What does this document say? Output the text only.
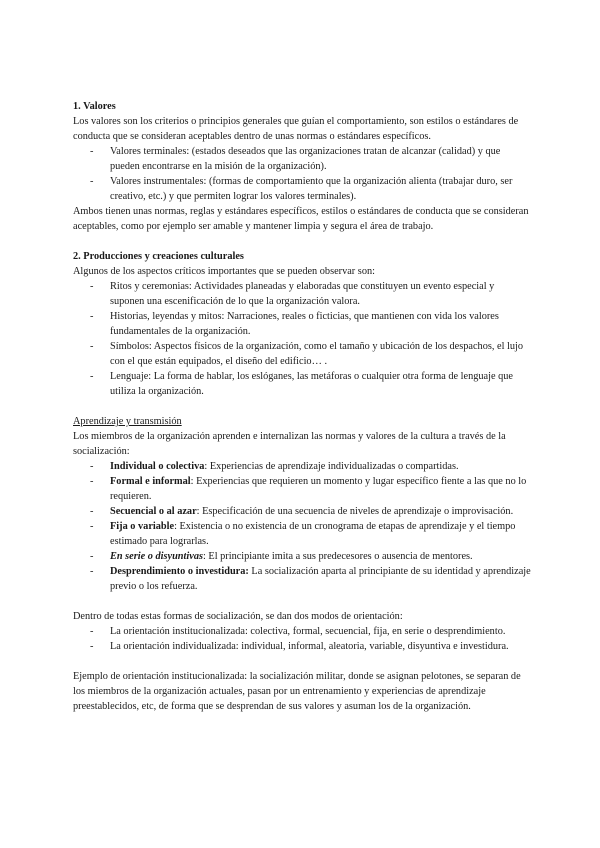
1. Valores

Los valores son los criterios o principios generales que guían el comportamiento, son estilos o estándares de conducta que se consideran aceptables dentro de unas normas o estándares específicos.

- Valores terminales: (estados deseados que las organizaciones tratan de alcanzar (calidad) y que pueden encontrarse en la misión de la organización).
- Valores instrumentales: (formas de comportamiento que la organización alienta (trabajar duro, ser creativo, etc.) y que permiten lograr los valores terminales).

Ambos tienen unas normas, reglas y estándares específicos, estilos o estándares de conducta que se consideran aceptables, como por ejemplo ser amable y mantener limpia y segura el área de trabajo.

2. Producciones y creaciones culturales

Algunos de los aspectos críticos importantes que se pueden observar son:

- Ritos y ceremonias: Actividades planeadas y elaboradas que constituyen un evento especial y suponen una escenificación de lo que la organización valora.
- Historias, leyendas y mitos: Narraciones, reales o ficticias, que mantienen con vida los valores fundamentales de la organización.
- Símbolos: Aspectos físicos de la organización, como el tamaño y ubicación de los despachos, el lujo con el que están equipados, el diseño del edificio… .
- Lenguaje: La forma de hablar, los eslóganes, las metáforas o cualquier otra forma de lenguaje que utiliza la organización.

Aprendizaje y transmisión

Los miembros de la organización aprenden e internalizan las normas y valores de la cultura a través de la socialización:

- Individual o colectiva: Experiencias de aprendizaje individualizadas o compartidas.
- Formal e informal: Experiencias que requieren un momento y lugar específico fiente a las que no lo requieren.
- Secuencial o al azar: Especificación de una secuencia de niveles de aprendizaje o improvisación.
- Fija o variable: Existencia o no existencia de un cronograma de etapas de aprendizaje y el tiempo estimado para lograrlas.
- En serie o disyuntivas: El principiante imita a sus predecesores o ausencia de mentores.
- Desprendimiento o investidura: La socialización aparta al principiante de su identidad y aprendizaje previo o los refuerza.

Dentro de todas estas formas de socialización, se dan dos modos de orientación:

- La orientación institucionalizada: colectiva, formal, secuencial, fija, en serie o desprendimiento.
- La orientación individualizada: individual, informal, aleatoria, variable, disyuntiva e investidura.

Ejemplo de orientación institucionalizada: la socialización militar, donde se asignan pelotones, se separan de los miembros de la organización actuales, pasan por un entrenamiento y experiencias de aprendizaje preestablecidos, etc, de forma que se desprendan de sus valores y asuman los de la organización.
